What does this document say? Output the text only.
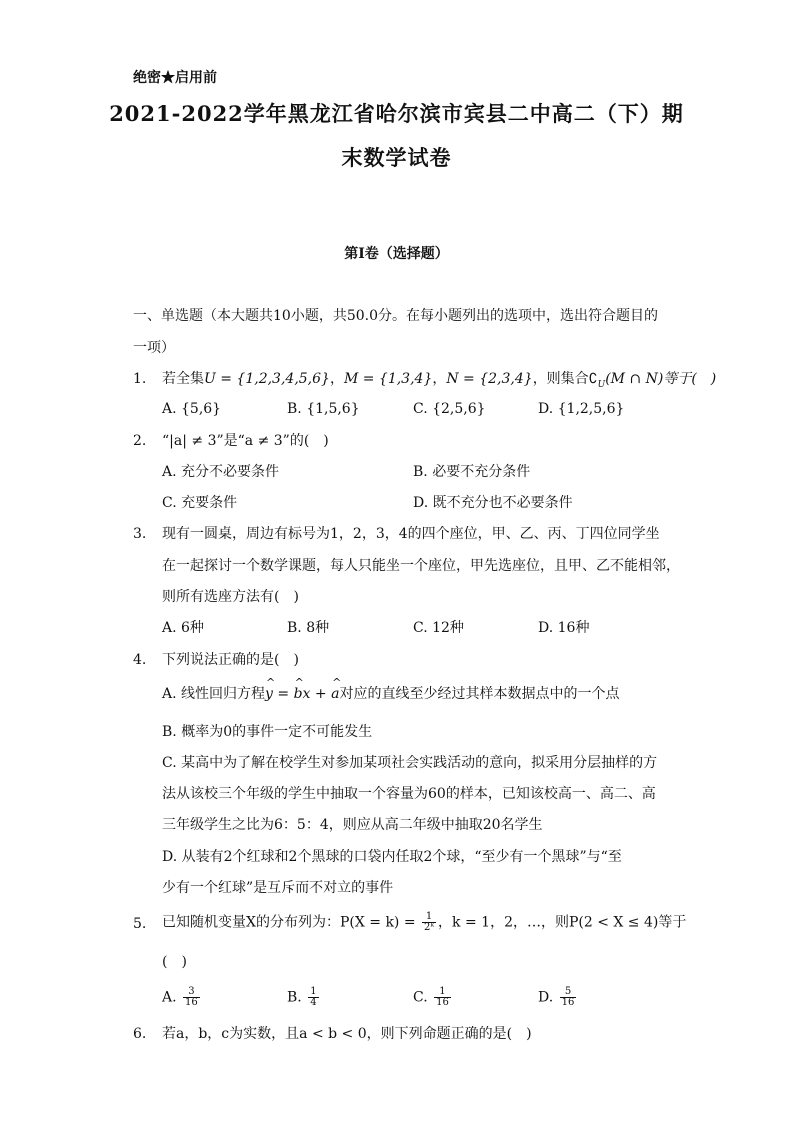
绝密★启用前
2021-2022学年黑龙江省哈尔滨市宾县二中高二（下）期
末数学试卷
第I卷（选择题）
一、单选题（本大题共10小题，共50.0分。在每小题列出的选项中，选出符合题目的
一项）
1. 若全集U = {1,2,3,4,5,6}，M = {1,3,4}，N = {2,3,4}，则集合$∁_U(M$ ∩ N)等于(　)
A. {5,6}	B. {1,5,6}	C. {2,5,6}	D. {1,2,5,6}
2. “|a| ≠ 3”是“a ≠ 3”的(　)
A. 充分不必要条件	B. 必要不充分条件
C. 充要条件	D. 既不充分也不必要条件
3. 现有一圆桌，周边有标号为1，2，3，4的四个座位，甲、乙、丙、丁四位同学坐
在一起探讨一个数学课题，每人只能坐一个座位，甲先选座位，且甲、乙不能相邻，
则所有选座方法有(　)
A. 6种	B. 8种	C. 12种	D. 16种
4. 下列说法正确的是(　)
A. 线性回归方程^ y = ^ bx + ^ a对应的直线至少经过其样本数据点中的一个点
B. 概率为0的事件一定不可能发生
C. 某高中为了解在校学生对参加某项社会实践活动的意向，拟采用分层抽样的方
法从该校三个年级的学生中抽取一个容量为60的样本，已知该校高一、高二、高
三年级学生之比为6：5：4，则应从高二年级中抽取20名学生
D. 从装有2个红球和2个黑球的口袋内任取2个球，“至少有一个黑球”与“至
少有一个红球”是互斥而不对立的事件
5. 已知随机变量X的分布列为：$P(X = k) = \frac{1}{\text{2ᵏ}}$ ，k = 1，2，…，则P(2 < X ≤ 4)等于
(　)
A. $\frac{3}{16}$	B. $\frac{1}{4}$	C. $\frac{1}{16}$	D. $\frac{5}{16}$
6. 若a，b，c为实数，且a < b < 0，则下列命题正确的是(　)
